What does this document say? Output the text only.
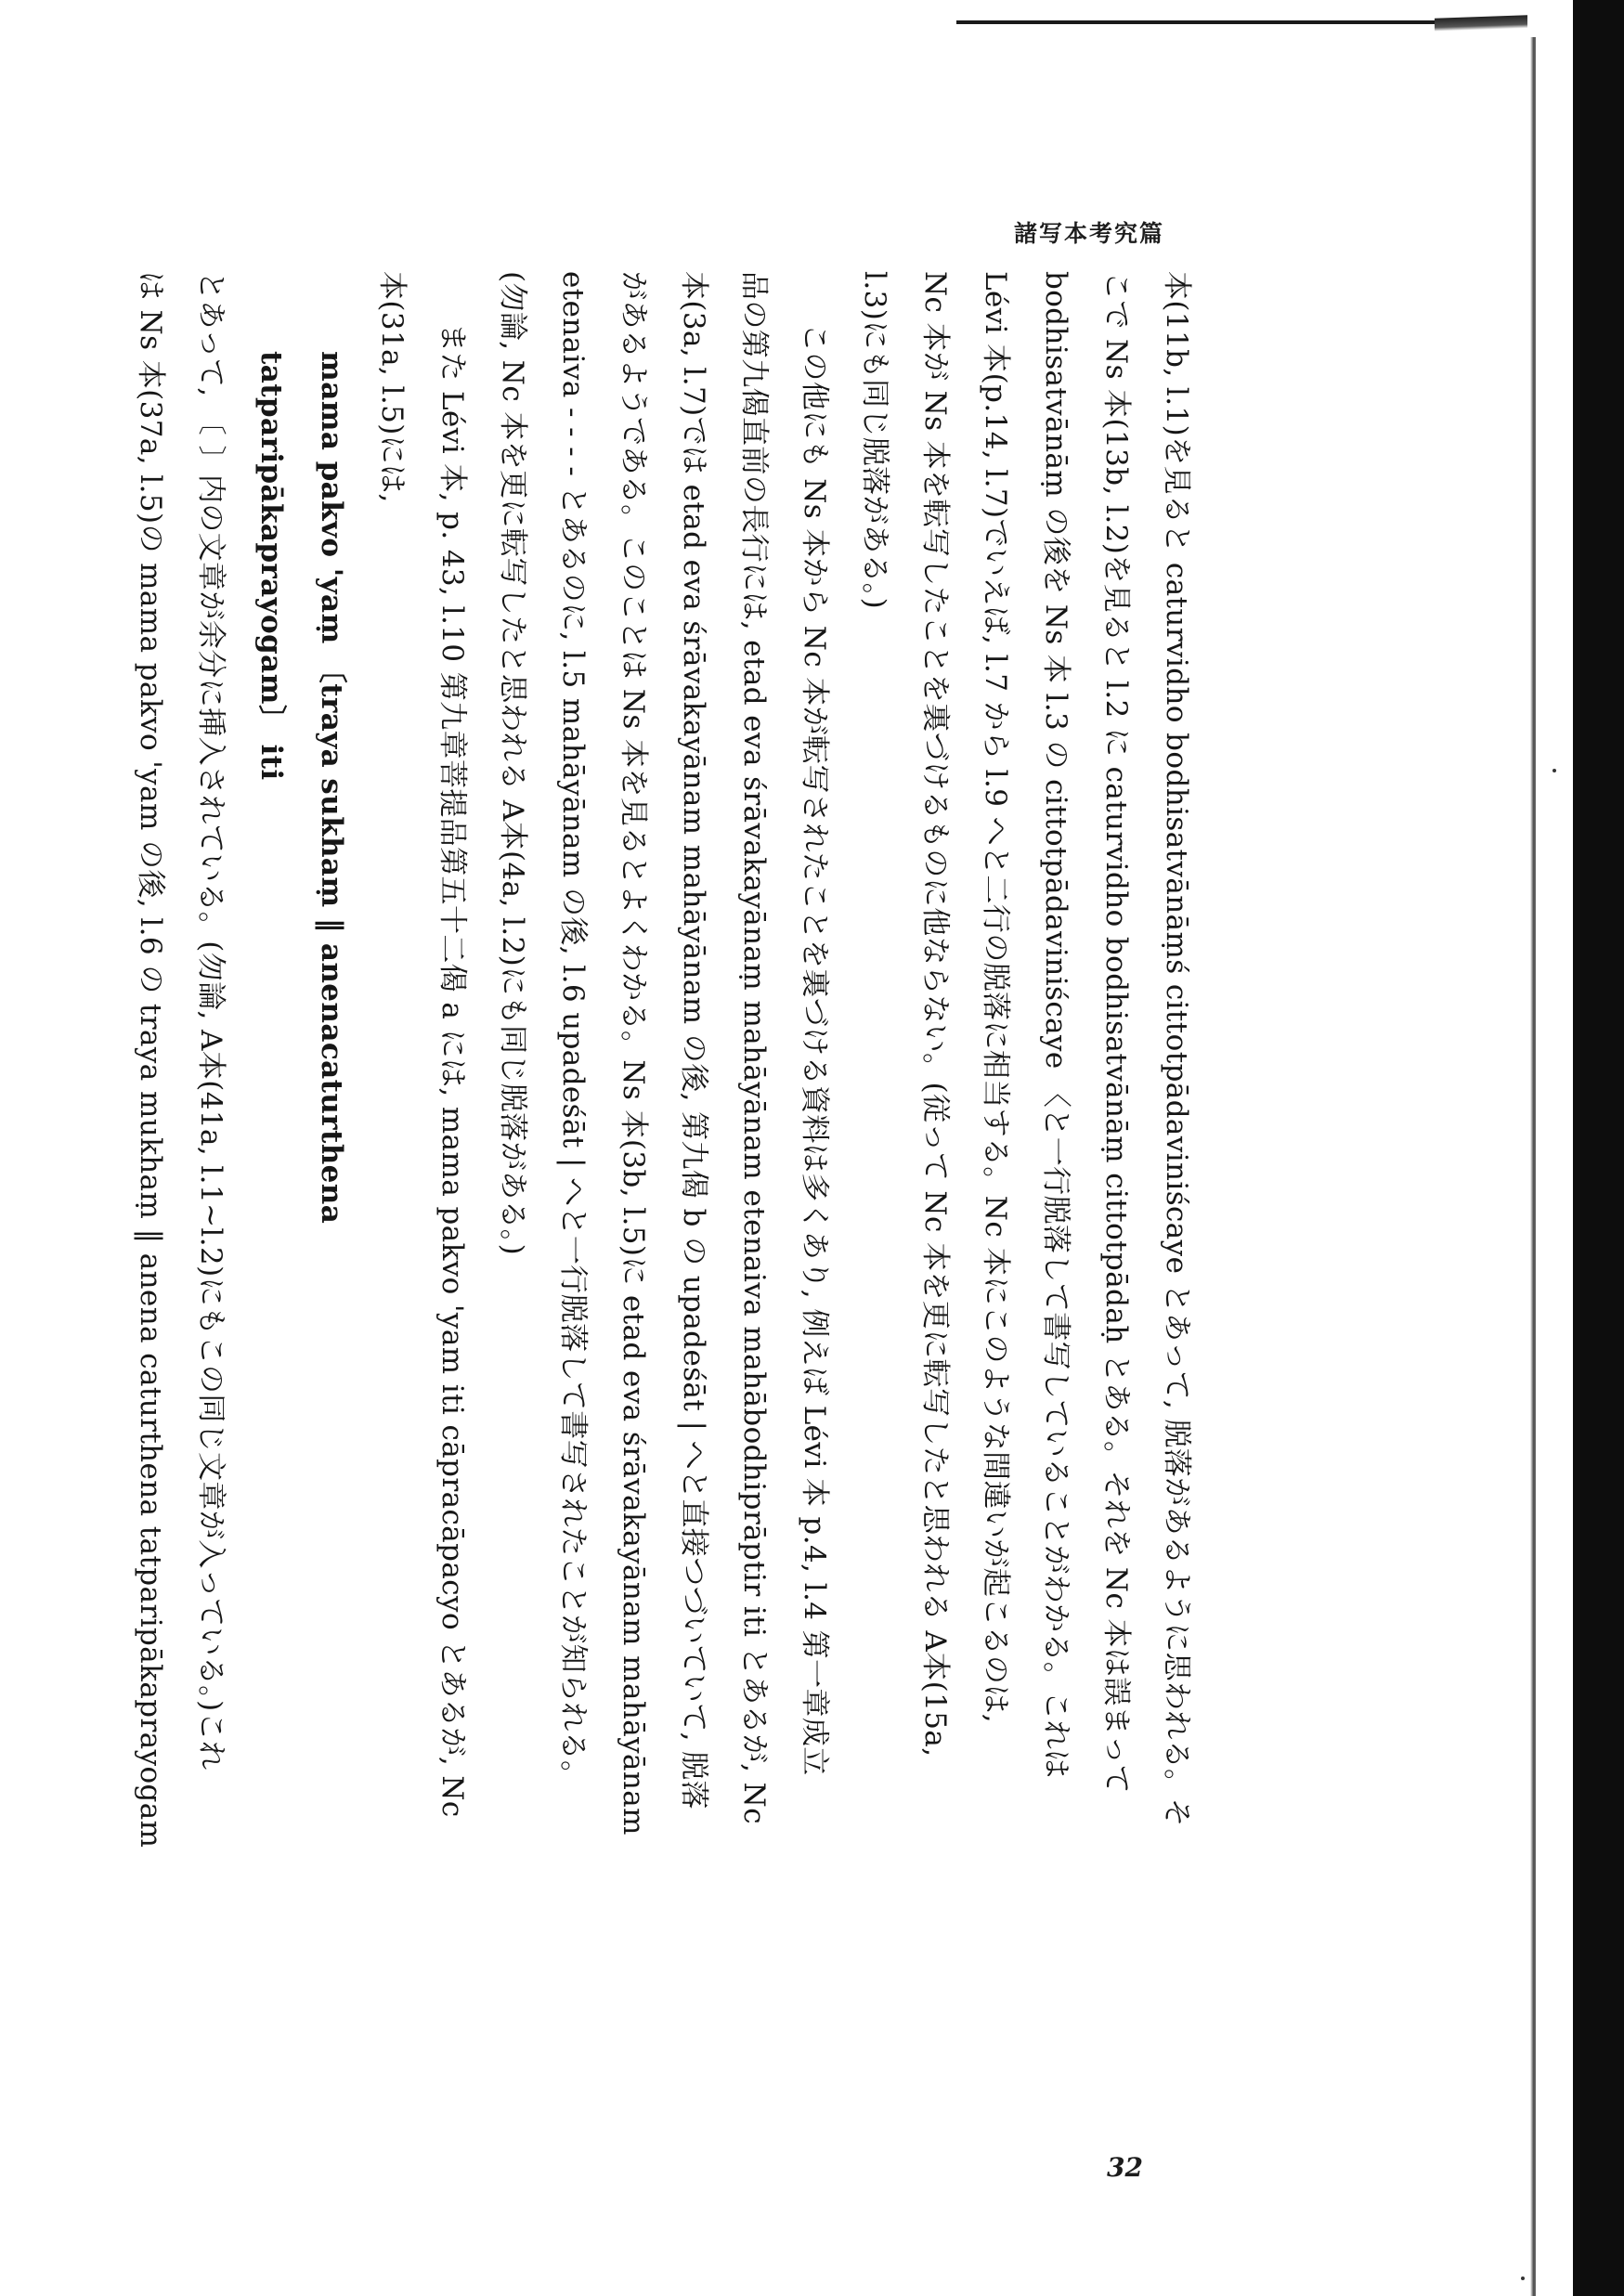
諸写本考究篇
本(11b, l.1)を見ると caturvidho bodhisatvānāṃś cittotpādaviniścaye とあって, 脱落があるように思われる。そ
こで Ns 本(13b, l.2)を見ると l.2 に caturvidho bodhisatvānāṃ cittotpādaḥ とある。それを Nc 本は誤まって
bodhisatvānāṃ の後を Ns 本 l.3 の cittotpādaviniścaye 〈と一行脱落して書写していることがわかる。これは
Lévi 本(p.14, l.7)でいえば, l.7 から l.9 へと二行の脱落に相当する。Nc 本にこのような間違いが起こるのは,
Nc 本が Ns 本を転写したことを裏づけるものに他ならない。(従って Nc 本を更に転写したと思われる A本(15a,
l.3)にも同じ脱落がある。)
この他にも Ns 本から Nc 本が転写されたことを裏づける資料は多くあり, 例えば Lévi 本 p.4, l.4 第一章成立
品の第九偈直前の長行には, etad eva śrāvakayānaṃ mahāyānam etenaiva mahābodhiprāptir iti とあるが, Nc
本(3a, l.7)では etad eva śrāvakayānam mahāyānam の後, 第九偈 b の upadeśāt | へと直接つづいていて, 脱落
があるようである。このことは Ns 本を見るとよくわかる。Ns 本(3b, l.5)に etad eva śrāvakayānam mahāyānam
etenaiva - - - - とあるのに, l.5 mahāyānam の後, l.6 upadeśāt | へと一行脱落して書写されたことが知られる。
(勿論, Nc 本を更に転写したと思われる A本(4a, l.2)にも同じ脱落がある。)
また Lévi 本, p. 43, l.10 第九章菩提品第五十二偈 a には, mama pakvo 'yam iti cāpracāpacyo とあるが, Nc
本(31a, l.5)には,
mama pakvo 'yaṃ 〔traya sukhaṃ ‖ anenacaturthena
tatparipākaprayogam〕 iti
とあって, 〔 〕内の文章が余分に挿入されている。(勿論, A本(41a, l.1~l.2)にもこの同じ文章が入っている。)これ
は Ns 本(37a, l.5)の mama pakvo 'yam の後, l.6 の traya mukhaṃ ‖ anena caturthena tatparipākaprayogam
32
